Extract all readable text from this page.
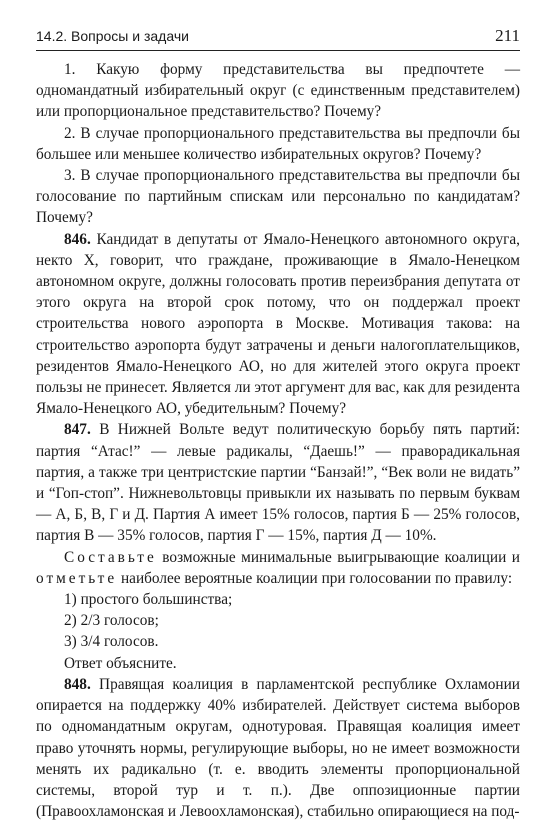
14.2. Вопросы и задачи	211

1. Какую форму представительства вы предпочтете — одномандатный избирательный округ (с единственным представителем) или пропорциональное представительство? Почему?

2. В случае пропорционального представительства вы предпочли бы большее или меньшее количество избирательных округов? Почему?

3. В случае пропорционального представительства вы предпочли бы голосование по партийным спискам или персонально по кандидатам? Почему?

846. Кандидат в депутаты от Ямало-Ненецкого автономного округа, некто X, говорит, что граждане, проживающие в Ямало-Ненецком автономном округе, должны голосовать против переизбрания депутата от этого округа на второй срок потому, что он поддержал проект строительства нового аэропорта в Москве. Мотивация такова: на строительство аэропорта будут затрачены и деньги налогоплательщиков, резидентов Ямало-Ненецкого АО, но для жителей этого округа проект пользы не принесет. Является ли этот аргумент для вас, как для резидента Ямало-Ненецкого АО, убедительным? Почему?

847. В Нижней Вольте ведут политическую борьбу пять партий: партия “Атас!” — левые радикалы, “Даешь!” — праворадикальная партия, а также три центристские партии “Банзай!”, “Век воли не видать” и “Гоп-стоп”. Нижневольтовцы привыкли их называть по первым буквам — А, Б, В, Г и Д. Партия А имеет 15% голосов, партия Б — 25% голосов, партия В — 35% голосов, партия Г — 15%, партия Д — 10%.

Составьте возможные минимальные выигрывающие коалиции и отметьте наиболее вероятные коалиции при голосовании по правилу:

1) простого большинства;

2) 2/3 голосов;

3) 3/4 голосов.

Ответ объясните.

848. Правящая коалиция в парламентской республике Охламонии опирается на поддержку 40% избирателей. Действует система выборов по одномандатным округам, однотуровая. Правящая коалиция имеет право уточнять нормы, регулирующие выборы, но не имеет возможности менять их радикально (т. е. вводить элементы пропорциональной системы, второй тур и т. п.). Две оппозиционные партии (Правоохламонская и Левоохламонская), стабильно опирающиеся на под-
